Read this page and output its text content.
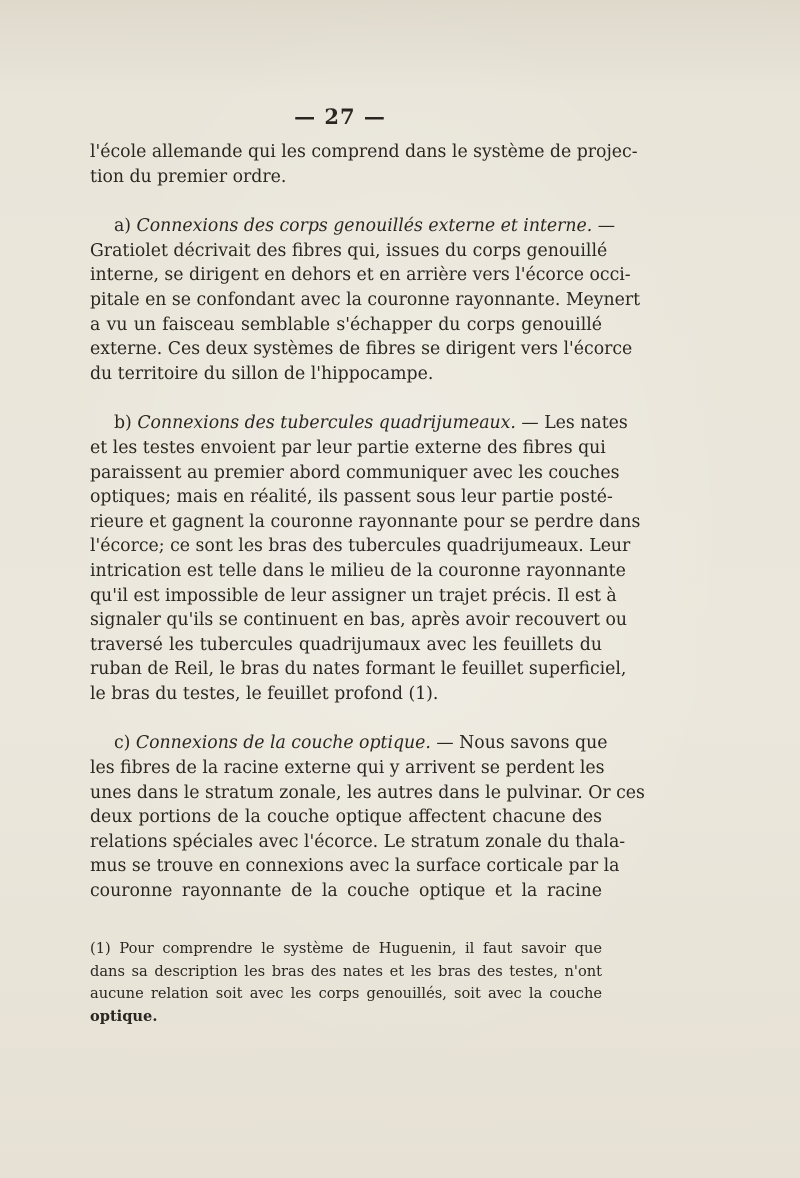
— 27 —
l'école allemande qui les comprend dans le système de projec-
tion du premier ordre.
a) Connexions des corps genouillés externe et interne. —
Gratiolet décrivait des fibres qui, issues du corps genouillé
interne, se dirigent en dehors et en arrière vers l'écorce occi-
pitale en se confondant avec la couronne rayonnante. Meynert
a vu un faisceau semblable s'échapper du corps genouillé
externe. Ces deux systèmes de fibres se dirigent vers l'écorce
du territoire du sillon de l'hippocampe.
b) Connexions des tubercules quadrijumeaux. — Les nates
et les testes envoient par leur partie externe des fibres qui
paraissent au premier abord communiquer avec les couches
optiques; mais en réalité, ils passent sous leur partie posté-
rieure et gagnent la couronne rayonnante pour se perdre dans
l'écorce; ce sont les bras des tubercules quadrijumeaux. Leur
intrication est telle dans le milieu de la couronne rayonnante
qu'il est impossible de leur assigner un trajet précis. Il est à
signaler qu'ils se continuent en bas, après avoir recouvert ou
traversé les tubercules quadrijumaux avec les feuillets du
ruban de Reil, le bras du nates formant le feuillet superficiel,
le bras du testes, le feuillet profond (1).
c) Connexions de la couche optique. — Nous savons que
les fibres de la racine externe qui y arrivent se perdent les
unes dans le stratum zonale, les autres dans le pulvinar. Or ces
deux portions de la couche optique affectent chacune des
relations spéciales avec l'écorce. Le stratum zonale du thala-
mus se trouve en connexions avec la surface corticale par la
couronne rayonnante de la couche optique et la racine
(1) Pour comprendre le système de Huguenin, il faut savoir que
dans sa description les bras des nates et les bras des testes, n'ont
aucune relation soit avec les corps genouillés, soit avec la couche
optique.
